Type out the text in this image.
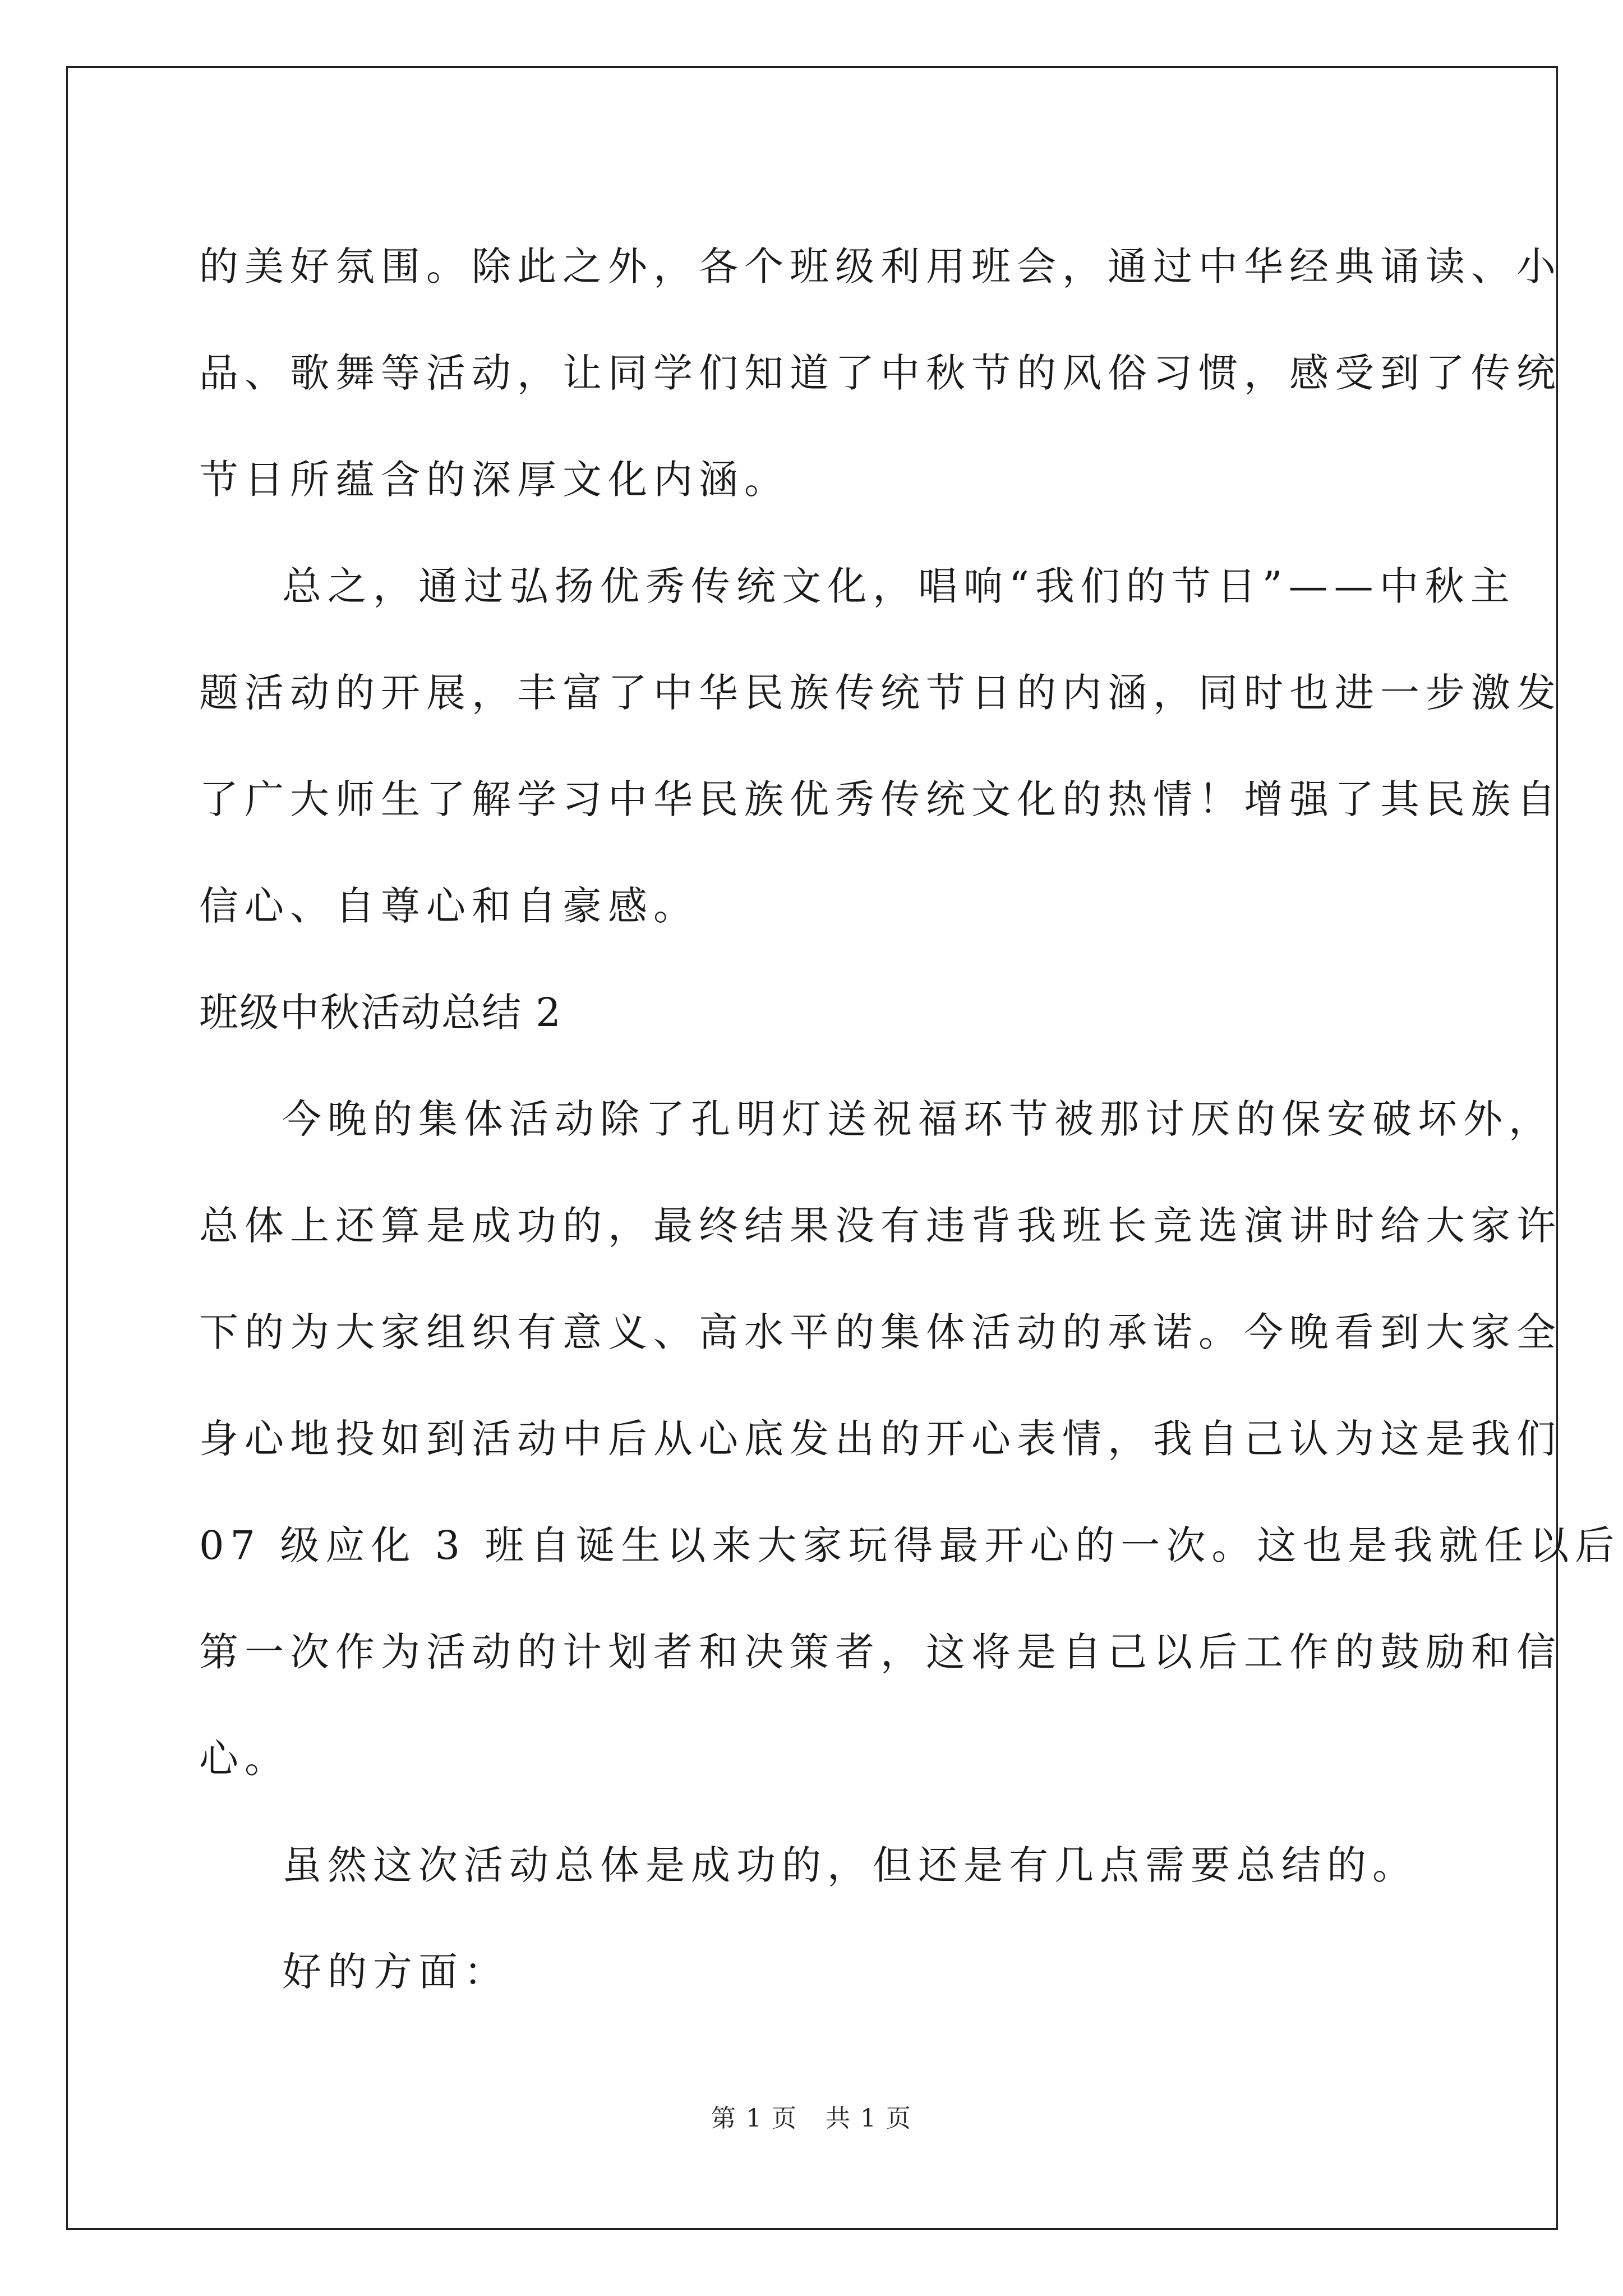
的美好氛围。除此之外，各个班级利用班会，通过中华经典诵读、小
品、歌舞等活动，让同学们知道了中秋节的风俗习惯，感受到了传统
节日所蕴含的深厚文化内涵。
总之，通过弘扬优秀传统文化，唱响“我们的节日”——中秋主
题活动的开展，丰富了中华民族传统节日的内涵，同时也进一步激发
了广大师生了解学习中华民族优秀传统文化的热情！增强了其民族自
信心、自尊心和自豪感。
班级中秋活动总结 2
今晚的集体活动除了孔明灯送祝福环节被那讨厌的保安破坏外，
总体上还算是成功的，最终结果没有违背我班长竞选演讲时给大家许
下的为大家组织有意义、高水平的集体活动的承诺。今晚看到大家全
身心地投如到活动中后从心底发出的开心表情，我自己认为这是我们
07 级应化 3 班自诞生以来大家玩得最开心的一次。这也是我就任以后
第一次作为活动的计划者和决策者，这将是自己以后工作的鼓励和信
心。
虽然这次活动总体是成功的，但还是有几点需要总结的。
好的方面：
第 1 页 共 1 页
